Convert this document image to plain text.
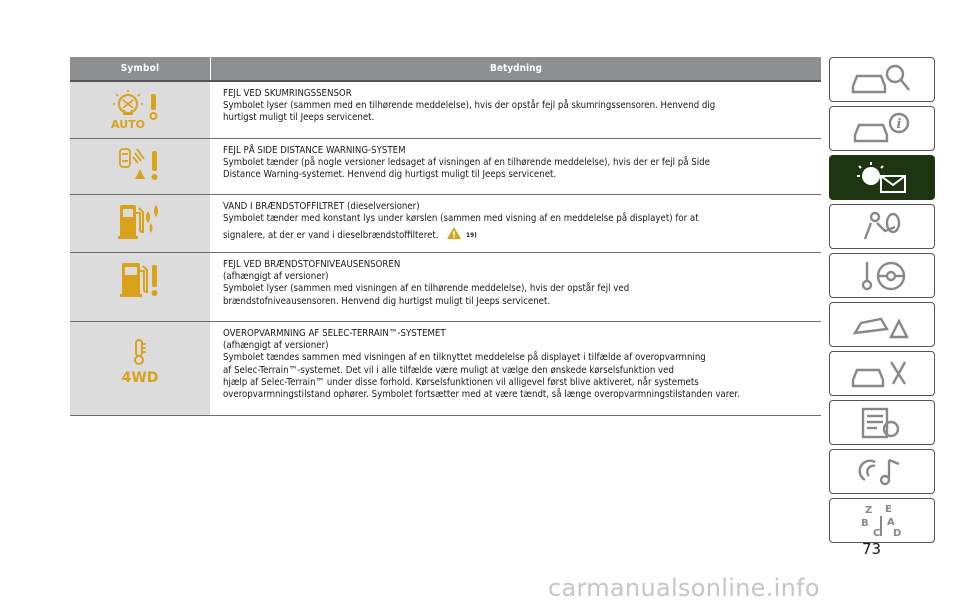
Symbol	Betydning
AUTO
FEJL VED SKUMRINGSSENSOR
Symbolet lyser (sammen med en tilhørende meddelelse), hvis der opstår fejl på skumringssensoren. Henvend dig
hurtigst muligt til Jeeps servicenet.
FEJL PÅ SIDE DISTANCE WARNING-SYSTEM
Symbolet tænder (på nogle versioner ledsaget af visningen af en tilhørende meddelelse), hvis der er fejl på Side
Distance Warning-systemet. Henvend dig hurtigst muligt til Jeeps servicenet.
VAND I BRÆNDSTOFFILTRET (dieselversioner)
Symbolet tænder med konstant lys under kørslen (sammen med visning af en meddelelse på displayet) for at
signalere, at der er vand i dieselbrændstoffilteret.	19)
FEJL VED BRÆNDSTOFNIVEAUSENSOREN
(afhængigt af versioner)
Symbolet lyser (sammen med visningen af en tilhørende meddelelse), hvis der opstår fejl ved
brændstofniveausensoren. Henvend dig hurtigst muligt til Jeeps servicenet.
4WD
OVEROPVARMNING AF SELEC-TERRAIN™-SYSTEMET
(afhængigt af versioner)
Symbolet tændes sammen med visningen af en tilknyttet meddelelse på displayet i tilfælde af overopvarmning
af Selec-Terrain™-systemet. Det vil i alle tilfælde være muligt at vælge den ønskede kørselsfunktion ved
hjælp af Selec-Terrain™ under disse forhold. Kørselsfunktionen vil alligevel først blive aktiveret, når systemets
overopvarmningstilstand ophører. Symbolet fortsætter med at være tændt, så længe overopvarmningstilstanden varer.
i
Z E
B A
C D
73
carmanualsonline.info
